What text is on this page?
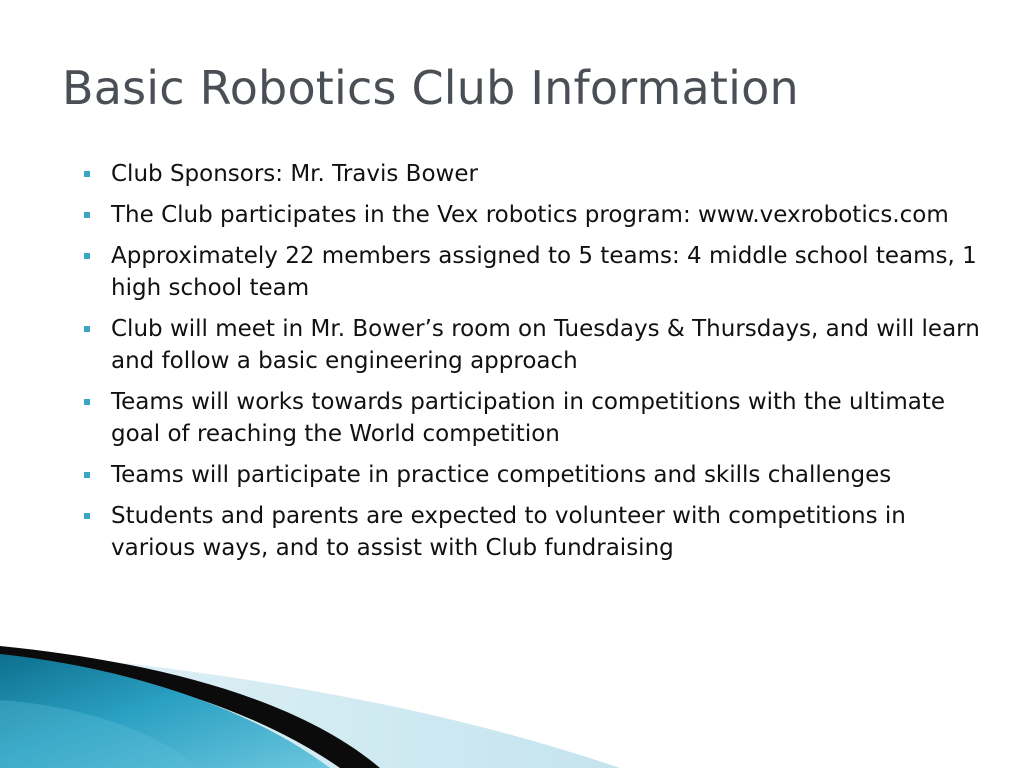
Basic Robotics Club Information
Club Sponsors: Mr. Travis Bower
The Club participates in the Vex robotics program: www.vexrobotics.com
Approximately 22 members assigned to 5 teams: 4 middle school teams, 1 high school team
Club will meet in Mr. Bower’s room on Tuesdays & Thursdays, and will learn and follow a basic engineering approach
Teams will works towards participation in competitions with the ultimate goal of reaching the World competition
Teams will participate in practice competitions and skills challenges
Students and parents are expected to volunteer with competitions in various ways, and to assist with Club fundraising
